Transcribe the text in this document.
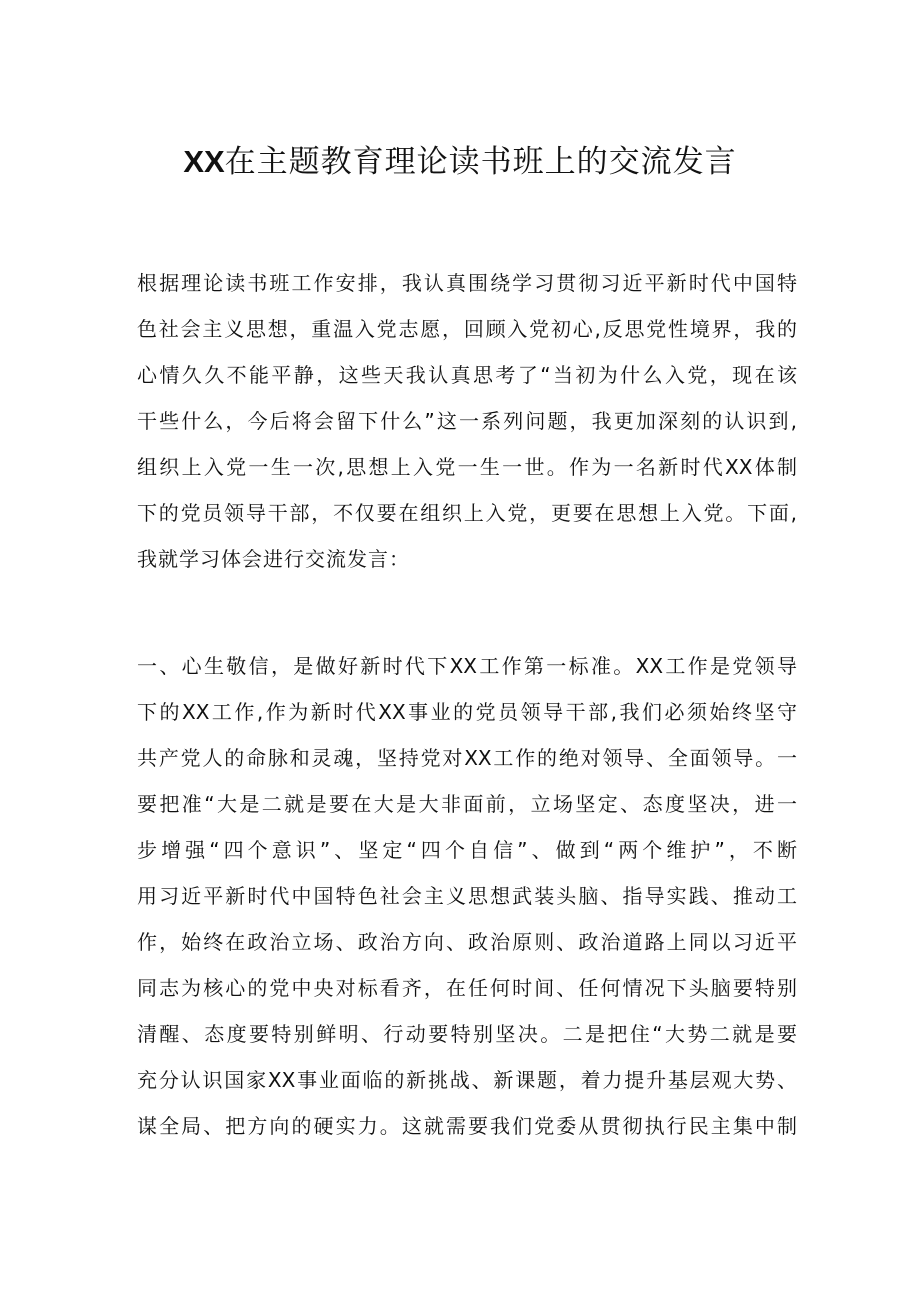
XX在主题教育理论读书班上的交流发言
根据理论读书班工作安排，我认真围绕学习贯彻习近平新时代中国特
色社会主义思想，重温入党志愿，回顾入党初心,反思党性境界，我的
心情久久不能平静，这些天我认真思考了“当初为什么入党，现在该
干些什么，今后将会留下什么”这一系列问题，我更加深刻的认识到,
组织上入党一生一次,思想上入党一生一世。作为一名新时代XX体制
下的党员领导干部，不仅要在组织上入党，更要在思想上入党。下面,
我就学习体会进行交流发言：
一、心生敬信，是做好新时代下XX工作第一标准。XX工作是党领导
下的XX工作,作为新时代XX事业的党员领导干部,我们必须始终坚守
共产党人的命脉和灵魂，坚持党对XX工作的绝对领导、全面领导。一
要把准“大是二就是要在大是大非面前，立场坚定、态度坚决，进一
步增强“四个意识”、坚定“四个自信”、做到“两个维护”，不断
用习近平新时代中国特色社会主义思想武装头脑、指导实践、推动工
作，始终在政治立场、政治方向、政治原则、政治道路上同以习近平
同志为核心的党中央对标看齐，在任何时间、任何情况下头脑要特别
清醒、态度要特别鲜明、行动要特别坚决。二是把住“大势二就是要
充分认识国家XX事业面临的新挑战、新课题，着力提升基层观大势、
谋全局、把方向的硬实力。这就需要我们党委从贯彻执行民主集中制
